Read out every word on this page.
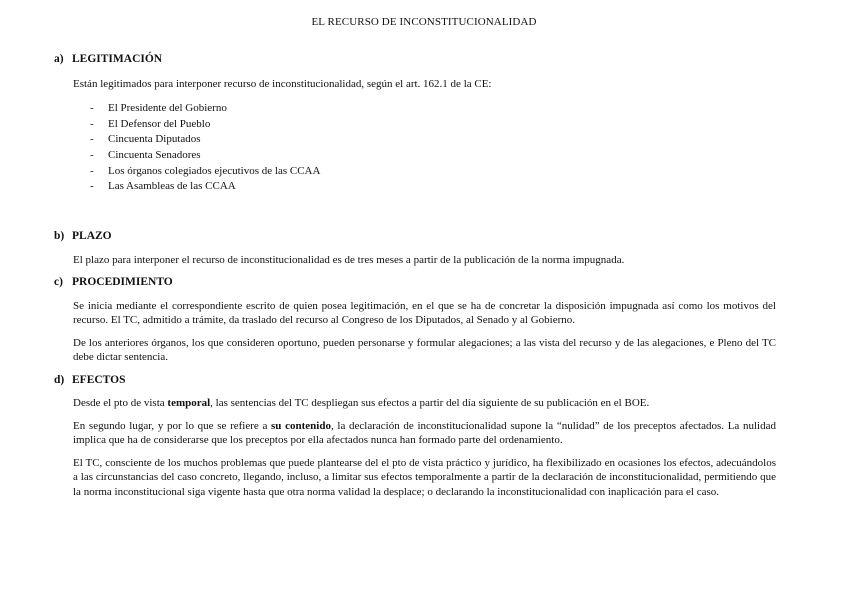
EL RECURSO DE INCONSTITUCIONALIDAD

a) LEGITIMACIÓN

Están legitimados para interponer recurso de inconstitucionalidad, según el art. 162.1 de la CE:

- El Presidente del Gobierno
- El Defensor del Pueblo
- Cincuenta Diputados
- Cincuenta Senadores
- Los órganos colegiados ejecutivos de las CCAA
- Las Asambleas de las CCAA

b) PLAZO

El plazo para interponer el recurso de inconstitucionalidad es de tres meses a partir de la publicación de la norma impugnada.

c) PROCEDIMIENTO

Se inicia mediante el correspondiente escrito de quien posea legitimación, en el que se ha de concretar la disposición impugnada así como los motivos del recurso. El TC, admitido a trámite, da traslado del recurso al Congreso de los Diputados, al Senado y al Gobierno.

De los anteriores órganos, los que consideren oportuno, pueden personarse y formular alegaciones; a las vista del recurso y de las alegaciones, e Pleno del TC debe dictar sentencia.

d) EFECTOS

Desde el pto de vista temporal, las sentencias del TC despliegan sus efectos a partir del día siguiente de su publicación en el BOE.

En segundo lugar, y por lo que se refiere a su contenido, la declaración de inconstitucionalidad supone la “nulidad” de los preceptos afectados. La nulidad implica que ha de considerarse que los preceptos por ella afectados nunca han formado parte del ordenamiento.

El TC, consciente de los muchos problemas que puede plantearse del el pto de vista práctico y jurídico, ha flexibilizado en ocasiones los efectos, adecuándolos a las circunstancias del caso concreto, llegando, incluso, a limitar sus efectos temporalmente a partir de la declaración de inconstitucionalidad, permitiendo que la norma inconstitucional siga vigente hasta que otra norma validad la desplace; o declarando la inconstitucionalidad con inaplicación para el caso.
